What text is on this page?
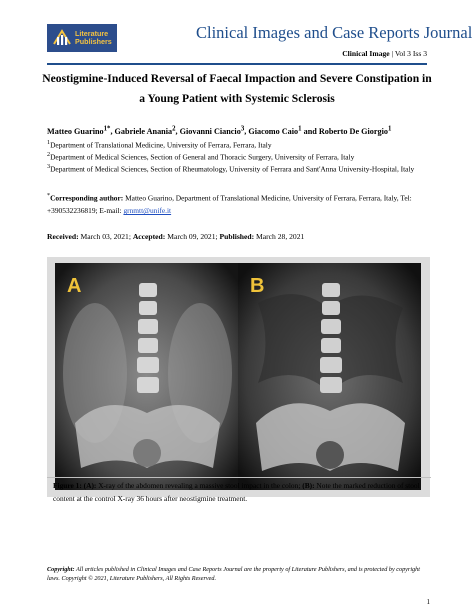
Literature
Publishers	Clinical Images and Case Reports Journal
Clinical Image | Vol 3 Iss 3
Neostigmine-Induced Reversal of Faecal Impaction and Severe Constipation in a Young Patient with Systemic Sclerosis
Matteo Guarino$^{1*}$, Gabriele Anania$^2$, Giovanni Ciancio$^3$, Giacomo Caio$^1$ and Roberto De Giorgio$^1$
$^1$Department of Translational Medicine, University of Ferrara, Ferrara, Italy
$^2$Department of Medical Sciences, Section of General and Thoracic Surgery, University of Ferrara, Italy
$^3$Department of Medical Sciences, Section of Rheumatology, University of Ferrara and Sant'Anna University-Hospital, Italy
*Corresponding author: Matteo Guarino, Department of Translational Medicine, University of Ferrara, Ferrara, Italy, Tel: +390532236819; E-mail: grnmtt@unife.it
Received: March 03, 2021; Accepted: March 09, 2021; Published: March 28, 2021
A	B
Figure 1: (A): X-ray of the abdomen revealing a massive stool impact in the colon; (B): Note the marked reduction of stool content at the control X-ray 36 hours after neostigmine treatment.
Copyright: All articles published in Clinical Images and Case Reports Journal are the property of Literature Publishers, and is protected by copyright laws. Copyright © 2021, Literature Publishers, All Rights Reserved.
1
